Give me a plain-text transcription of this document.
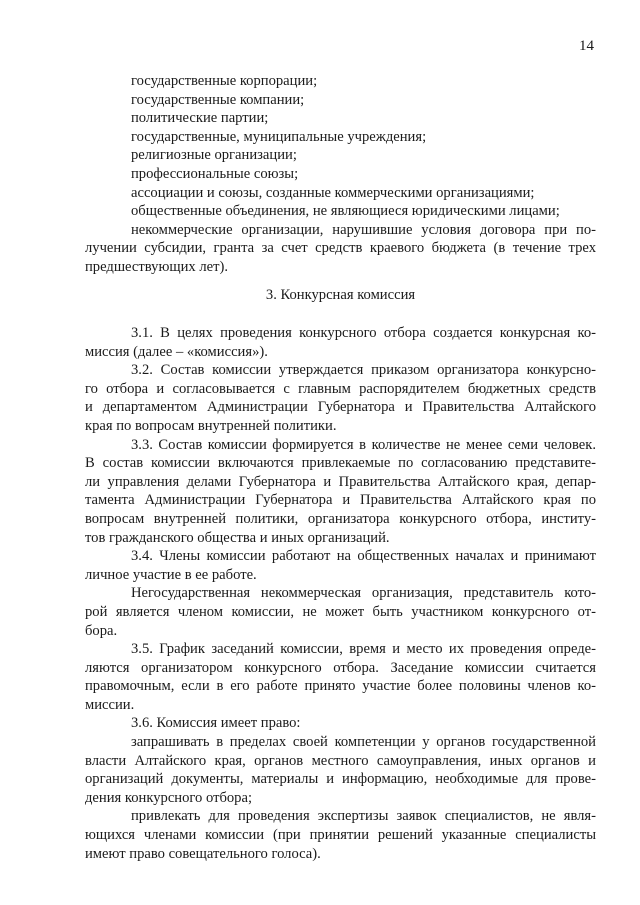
14
государственные корпорации;
государственные компании;
политические партии;
государственные, муниципальные учреждения;
религиозные организации;
профессиональные союзы;
ассоциации и союзы, созданные коммерческими организациями;
общественные объединения, не являющиеся юридическими лицами;
некоммерческие организации, нарушившие условия договора при по-
лучении субсидии, гранта за счет средств краевого бюджета (в течение трех
предшествующих лет).
3. Конкурсная комиссия
3.1. В целях проведения конкурсного отбора создается конкурсная ко-
миссия (далее – «комиссия»).
3.2. Состав комиссии утверждается приказом организатора конкурсно-
го отбора и согласовывается с главным распорядителем бюджетных средств
и департаментом Администрации Губернатора и Правительства Алтайского
края по вопросам внутренней политики.
3.3. Состав комиссии формируется в количестве не менее семи человек.
В состав комиссии включаются привлекаемые по согласованию представите-
ли управления делами Губернатора и Правительства Алтайского края, депар-
тамента Администрации Губернатора и Правительства Алтайского края по
вопросам внутренней политики, организатора конкурсного отбора, институ-
тов гражданского общества и иных организаций.
3.4. Члены комиссии работают на общественных началах и принимают
личное участие в ее работе.
Негосударственная некоммерческая организация, представитель кото-
рой является членом комиссии, не может быть участником конкурсного от-
бора.
3.5. График заседаний комиссии, время и место их проведения опреде-
ляются организатором конкурсного отбора. Заседание комиссии считается
правомочным, если в его работе принято участие более половины членов ко-
миссии.
3.6. Комиссия имеет право:
запрашивать в пределах своей компетенции у органов государственной
власти Алтайского края, органов местного самоуправления, иных органов и
организаций документы, материалы и информацию, необходимые для прове-
дения конкурсного отбора;
привлекать для проведения экспертизы заявок специалистов, не явля-
ющихся членами комиссии (при принятии решений указанные специалисты
имеют право совещательного голоса).
